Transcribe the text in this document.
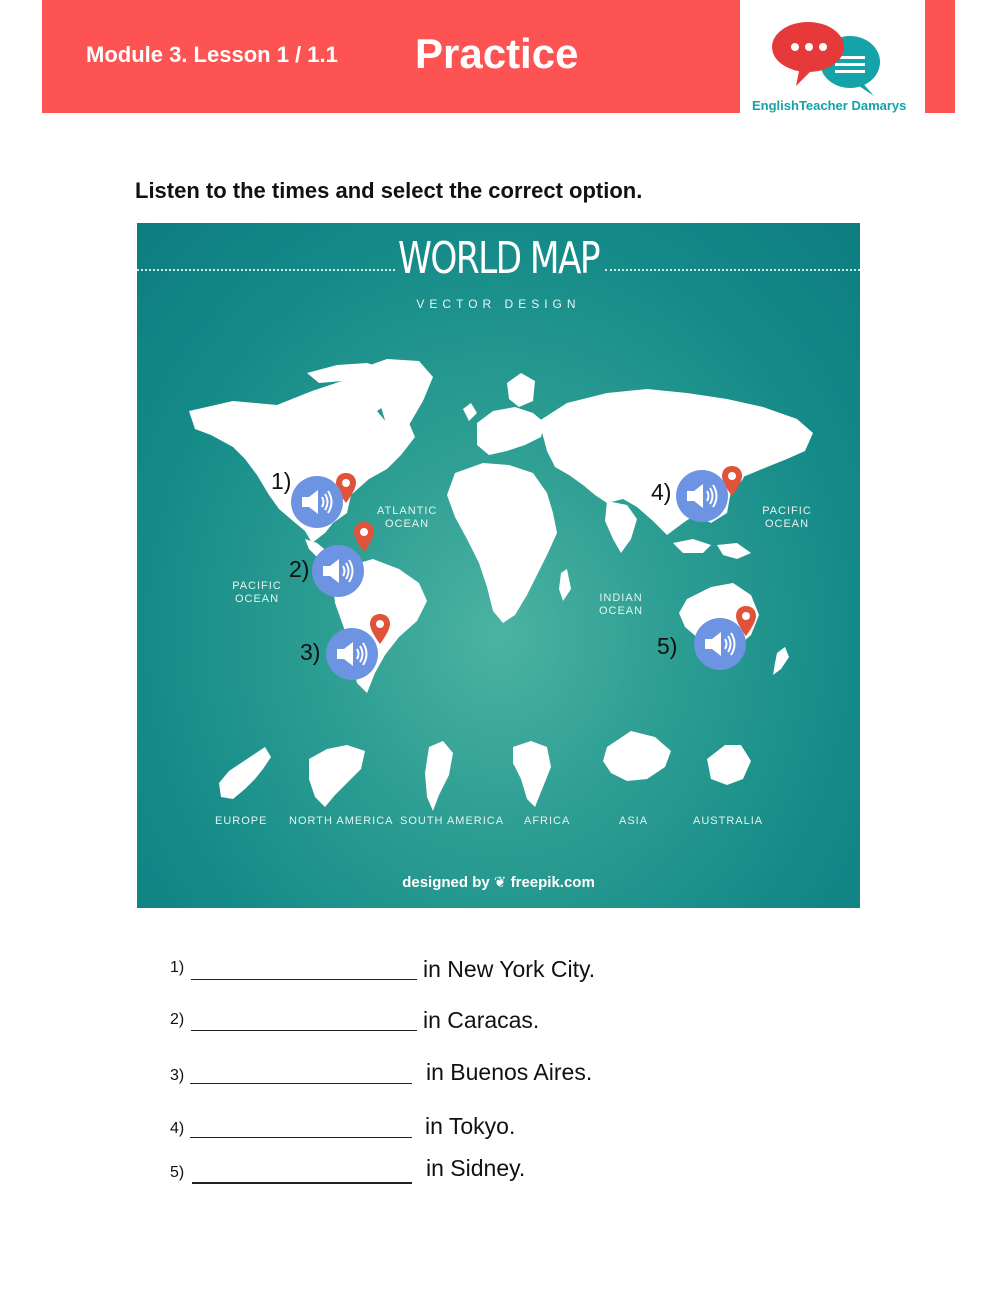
Module 3. Lesson 1 / 1.1 Practice
EnglishTeacher Damarys
Listen to the times and select the correct option.
WORLD MAP
VECTOR DESIGN
ATLANTIC OCEAN
PACIFIC OCEAN	INDIAN OCEAN
PACIFIC OCEAN
EUROPE NORTH AMERICA SOUTH AMERICA AFRICA	ASIA	AUSTRALIA
designed by ❦ freepik.com
1)
2)
3)
4)
5)
1)	in New York City.
2)	in Caracas.
3)	in Buenos Aires.
4)	in Tokyo.
5)	in Sidney.
